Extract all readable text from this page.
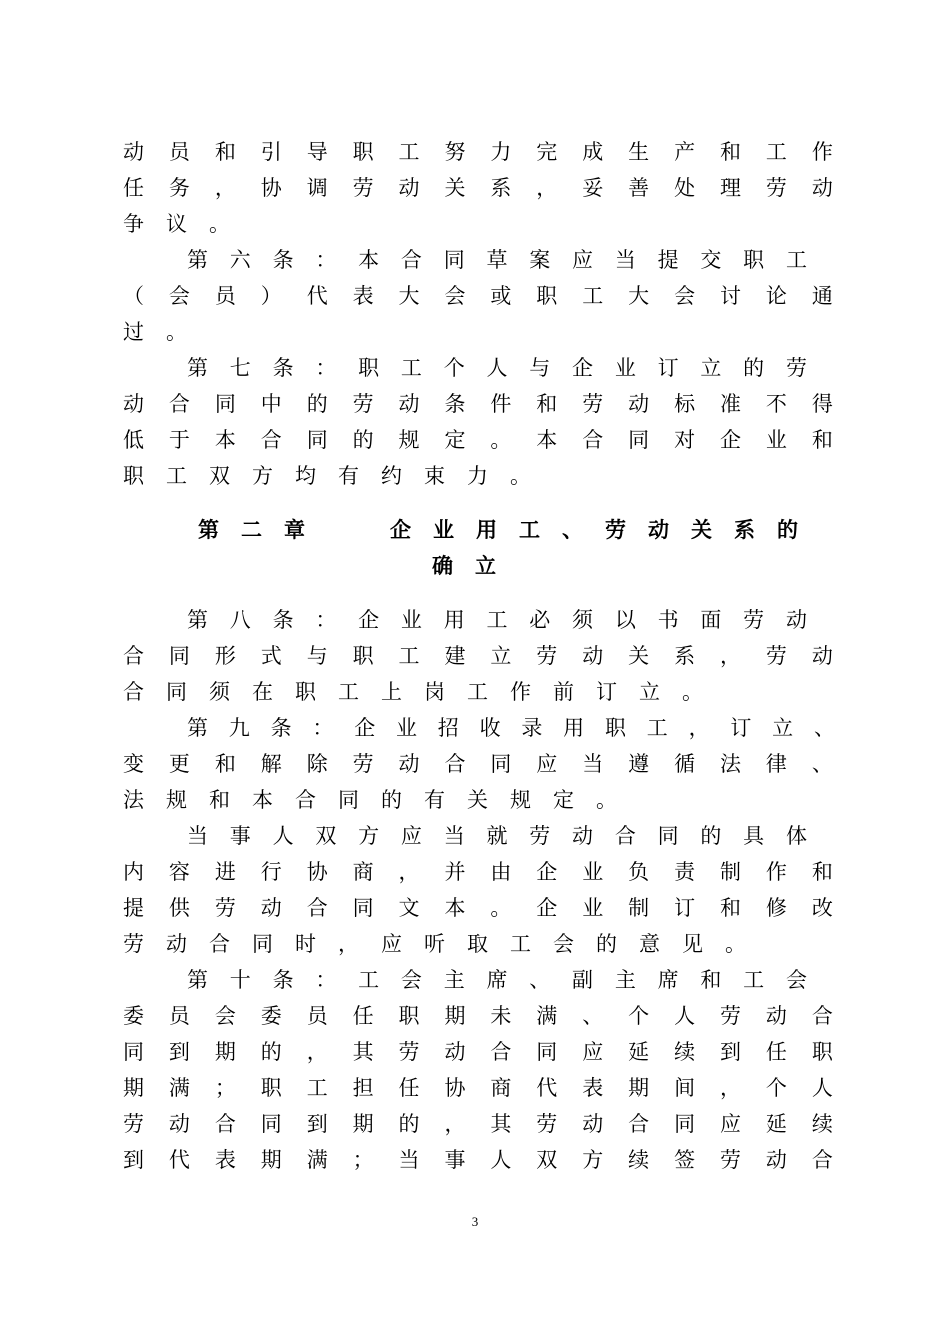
动 员 和 引 导 职 工 努 力 完 成 生 产 和 工 作
任 务 ， 协 调 劳 动 关 系 ， 妥 善 处 理 劳 动
争 议 。
第 六 条 ： 本 合 同 草 案 应 当 提 交 职 工
（ 会 员 ） 代 表 大 会 或 职 工 大 会 讨 论 通
过 。
第 七 条 ： 职 工 个 人 与 企 业 订 立 的 劳
动 合 同 中 的 劳 动 条 件 和 劳 动 标 准 不 得
低 于 本 合 同 的 规 定 。 本 合 同 对 企 业 和
职 工 双 方 均 有 约 束 力 。
第二章	企业用工、劳动关系的
确立
第 八 条 ： 企 业 用 工 必 须 以 书 面 劳 动
合 同 形 式 与 职 工 建 立 劳 动 关 系 ， 劳 动
合 同 须 在 职 工 上 岗 工 作 前 订 立 。
第 九 条 ： 企 业 招 收 录 用 职 工 ， 订 立 、
变 更 和 解 除 劳 动 合 同 应 当 遵 循 法 律 、
法 规 和 本 合 同 的 有 关 规 定 。
当 事 人 双 方 应 当 就 劳 动 合 同 的 具 体
内 容 进 行 协 商 ， 并 由 企 业 负 责 制 作 和
提 供 劳 动 合 同 文 本 。 企 业 制 订 和 修 改
劳 动 合 同 时 ， 应 听 取 工 会 的 意 见 。
第 十 条 ： 工 会 主 席 、 副 主 席 和 工 会
委 员 会 委 员 任 职 期 未 满 、 个 人 劳 动 合
同 到 期 的 ， 其 劳 动 合 同 应 延 续 到 任 职
期 满 ； 职 工 担 任 协 商 代 表 期 间 ， 个 人
劳 动 合 同 到 期 的 ， 其 劳 动 合 同 应 延 续
到 代 表 期 满 ； 当 事 人 双 方 续 签 劳 动 合
3
